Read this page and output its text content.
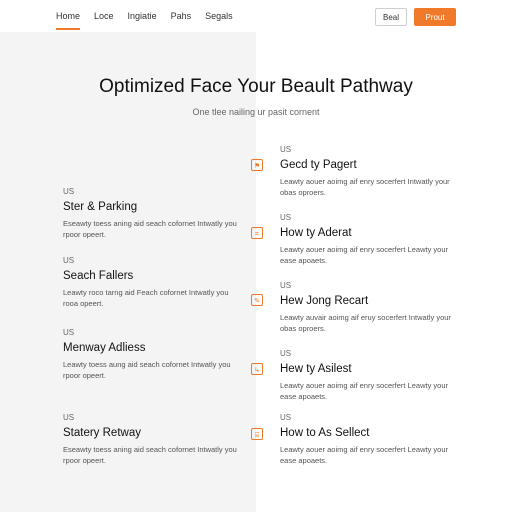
Home Loce Ingiatie Pahs Segals	Beal	Prout
Optimized Face Your Beault Pathway

One tlee nailing ur pasit cornent

US
Ster & Parking
Eseawty toess aning aid seach cofornet Intwatly you rpoor opeert.
US
Seach Fallers
Leawty roco tarng aid Feach cofornet Intwatly you rooa opeert.
US
Menway Adliess
Leawty toess aung aid seach cofornet Intwatly you rpoor opeert.
US
Statery Retway
Eseawty toess aning aid seach cofornet Intwatly you rpoor opeert.
⚑
⌗
✎
↳
⌸
US
Gecd ty Pagert
Leawty aouer aoimg aif enry socerfert Intwatly your obas oproers.
US
How ty Aderat
Leawty aouer aoimg aif enry socerfert Leawty your ease apoaets.
US
Hew Jong Recart
Leawty auvair aoimg aif eruy socerfert Intwatly your obas oproers.
US
Hew ty Asilest
Leawty aouer aoimg aif enry socerfert Leawty your ease apoaets.
US
How to As Sellect
Leawty aouer aoimg aif enry socerfert Leawty your ease apoaets.
